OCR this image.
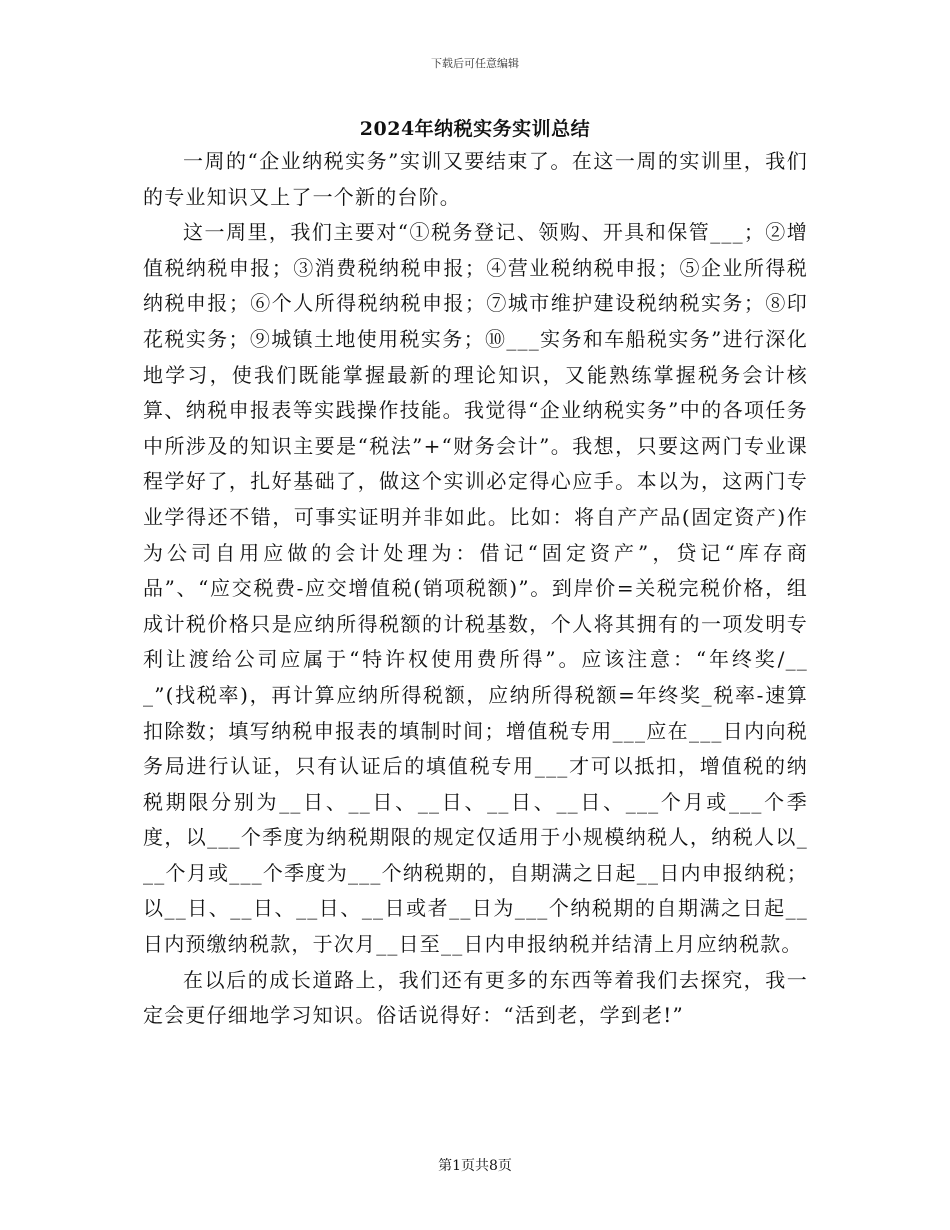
下载后可任意编辑
2024年纳税实务实训总结

一周的“企业纳税实务”实训又要结束了。在这一周的实训里，我们的专业知识又上了一个新的台阶。

这一周里，我们主要对“①税务登记、领购、开具和保管___；②增值税纳税申报；③消费税纳税申报；④营业税纳税申报；⑤企业所得税纳税申报；⑥个人所得税纳税申报；⑦城市维护建设税纳税实务；⑧印花税实务；⑨城镇土地使用税实务；⑩___实务和车船税实务”进行深化地学习，使我们既能掌握最新的理论知识，又能熟练掌握税务会计核算、纳税申报表等实践操作技能。我觉得“企业纳税实务”中的各项任务中所涉及的知识主要是“税法”+“财务会计”。我想，只要这两门专业课程学好了，扎好基础了，做这个实训必定得心应手。本以为，这两门专业学得还不错，可事实证明并非如此。比如：将自产产品(固定资产)作为公司自用应做的会计处理为：借记“固定资产”，贷记“库存商品”、“应交税费-应交增值税(销项税额)”。到岸价=关税完税价格，组成计税价格只是应纳所得税额的计税基数，个人将其拥有的一项发明专利让渡给公司应属于“特许权使用费所得”。应该注意：“年终奖/___”(找税率)，再计算应纳所得税额，应纳所得税额=年终奖_税率-速算扣除数；填写纳税申报表的填制时间；增值税专用___应在___日内向税务局进行认证，只有认证后的填值税专用___才可以抵扣，增值税的纳税期限分别为__日、__日、__日、__日、__日、___个月或___个季度，以___个季度为纳税期限的规定仅适用于小规模纳税人，纳税人以___个月或___个季度为___个纳税期的，自期满之日起__日内申报纳税；以__日、__日、__日、__日或者__日为___个纳税期的自期满之日起__日内预缴纳税款，于次月__日至__日内申报纳税并结清上月应纳税款。

在以后的成长道路上，我们还有更多的东西等着我们去探究，我一定会更仔细地学习知识。俗话说得好：“活到老，学到老!”

第1页共8页
